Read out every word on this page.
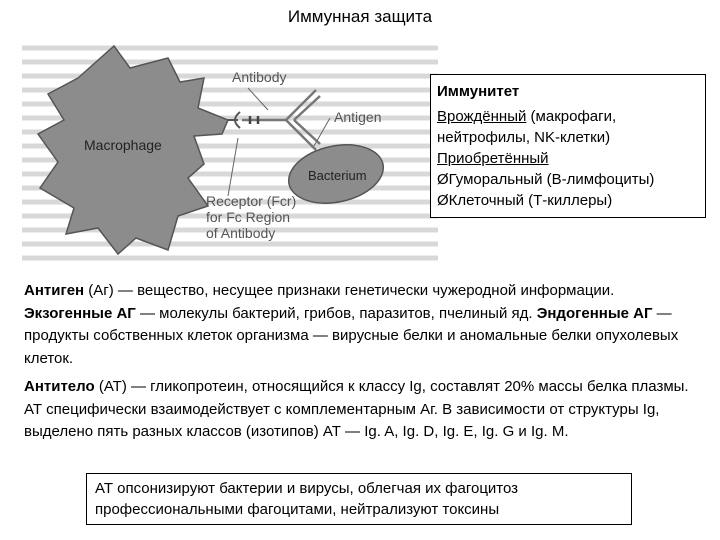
Иммунная защита
Antibody
Antigen
Macrophage
Bacterium
Receptor (Fcr)
for Fc Region
of Antibody
Иммунитет
Врождённый (макрофаги,
нейтрофилы, NK-клетки)
Приобретённый
ØГуморальный (В-лимфоциты)
ØКлеточный (Т-киллеры)
Антиген (Аг) — вещество, несущее признаки генетически чужеродной информации. Экзогенные АГ — молекулы бактерий, грибов, паразитов, пчелиный яд. Эндогенные АГ — продукты собственных клеток организма — вирусные белки и аномальные белки опухолевых клеток.
Антитело (АТ) — гликопротеин, относящийся к классу Ig, составлят 20% массы белка плазмы. АТ специфически взаимодействует с комплементарным Аг. В зависимости от структуры Ig, выделено пять разных классов (изотипов) АТ — Ig. A, Ig. D, Ig. E, Ig. G и Ig. M.
АТ опсонизируют бактерии и вирусы, облегчая их фагоцитоз профессиональными фагоцитами, нейтрализуют токсины
